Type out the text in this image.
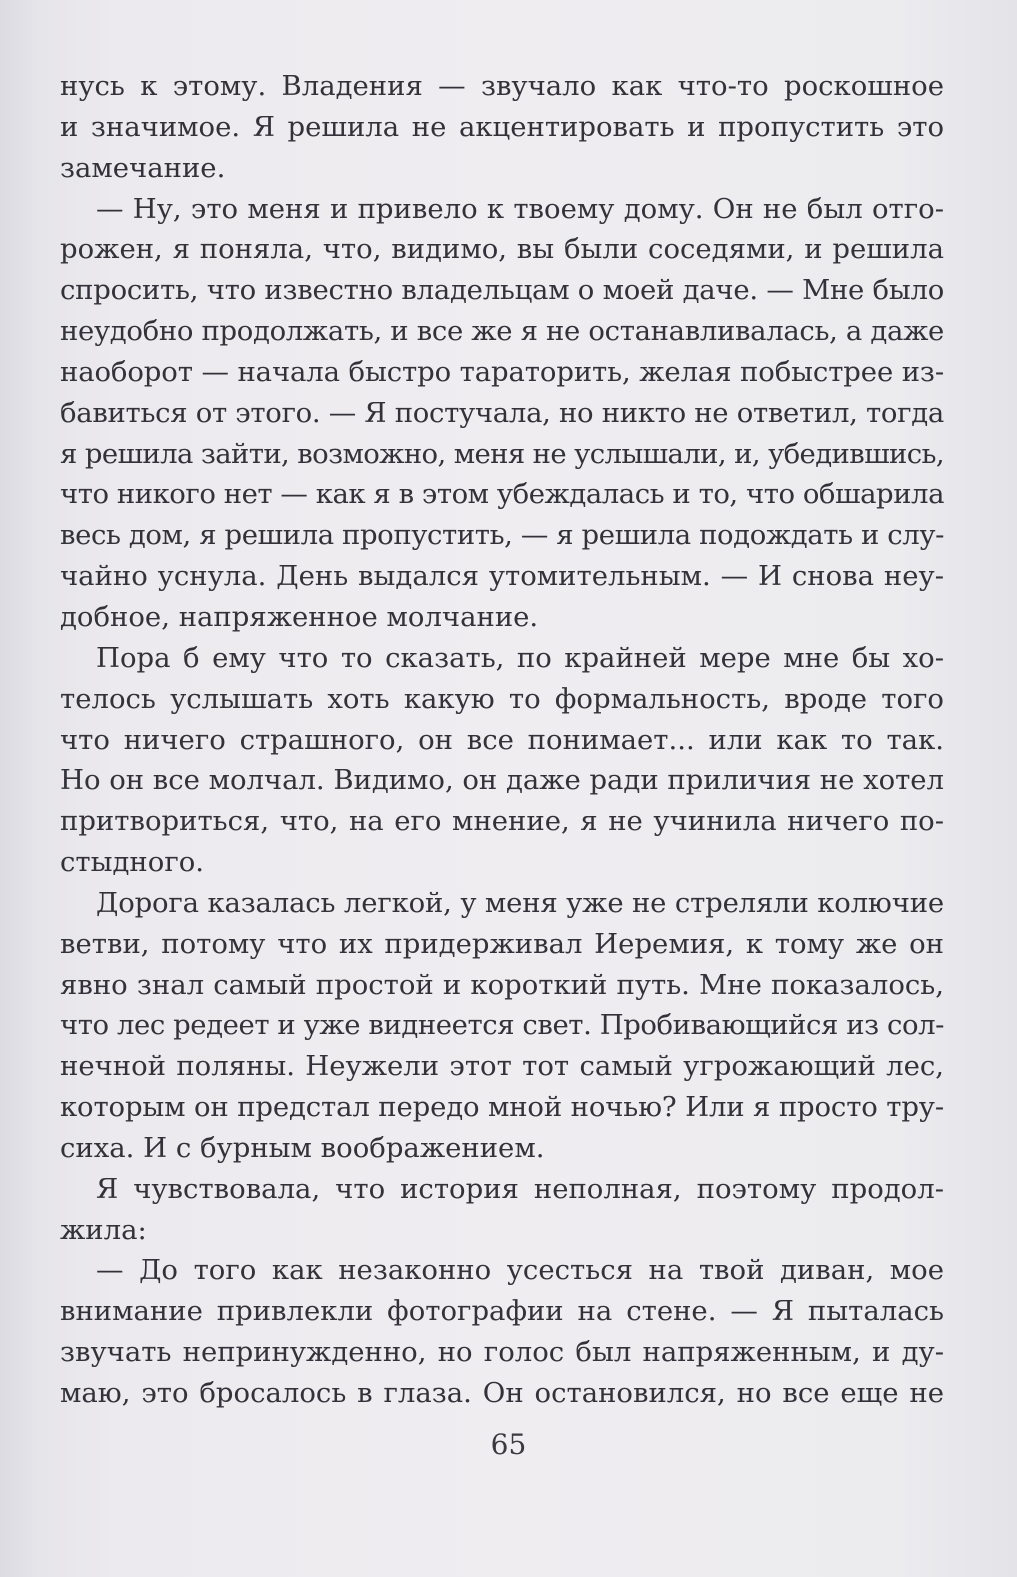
нусь к этому. Владения — звучало как что-то роскошное
и значимое. Я решила не акцентировать и пропустить это
замечание.
— Ну, это меня и привело к твоему дому. Он не был отго-
рожен, я поняла, что, видимо, вы были соседями, и решила
спросить, что известно владельцам о моей даче. — Мне было
неудобно продолжать, и все же я не останавливалась, а даже
наоборот — начала быстро тараторить, желая побыстрее из-
бавиться от этого. — Я постучала, но никто не ответил, тогда
я решила зайти, возможно, меня не услышали, и, убедившись,
что никого нет — как я в этом убеждалась и то, что обшарила
весь дом, я решила пропустить, — я решила подождать и слу-
чайно уснула. День выдался утомительным. — И снова неу-
добное, напряженное молчание.
Пора б ему что то сказать, по крайней мере мне бы хо-
телось услышать хоть какую то формальность, вроде того
что ничего страшного, он все понимает... или как то так.
Но он все молчал. Видимо, он даже ради приличия не хотел
притвориться, что, на его мнение, я не учинила ничего по-
стыдного.
Дорога казалась легкой, у меня уже не стреляли колючие
ветви, потому что их придерживал Иеремия, к тому же он
явно знал самый простой и короткий путь. Мне показалось,
что лес редеет и уже виднеется свет. Пробивающийся из сол-
нечной поляны. Неужели этот тот самый угрожающий лес,
которым он предстал передо мной ночью? Или я просто тру-
сиха. И с бурным воображением.
Я чувствовала, что история неполная, поэтому продол-
жила:
— До того как незаконно усесться на твой диван, мое
внимание привлекли фотографии на стене. — Я пыталась
звучать непринужденно, но голос был напряженным, и ду-
маю, это бросалось в глаза. Он остановился, но все еще не
65
